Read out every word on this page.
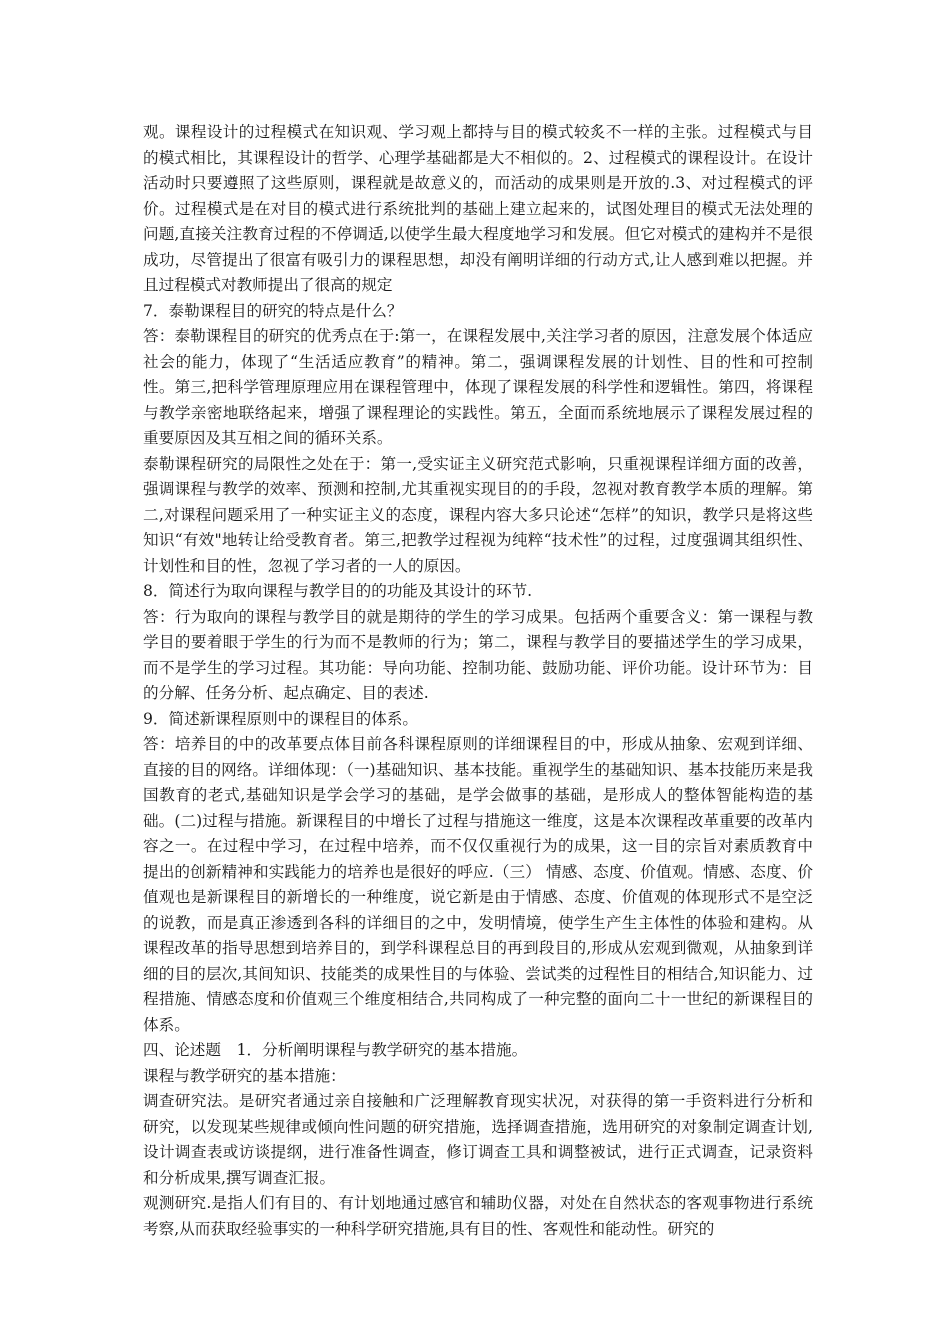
观。课程设计的过程模式在知识观、学习观上都持与目的模式较炙不一样的主张。过程模式与目的模式相比，其课程设计的哲学、心理学基础都是大不相似的。2、过程模式的课程设计。在设计活动时只要遵照了这些原则，课程就是故意义的，而活动的成果则是开放的.3、对过程模式的评价。过程模式是在对目的模式进行系统批判的基础上建立起来的，试图处理目的模式无法处理的问题,直接关注教育过程的不停调适,以使学生最大程度地学习和发展。但它对模式的建构并不是很成功，尽管提出了很富有吸引力的课程思想，却没有阐明详细的行动方式,让人感到难以把握。并且过程模式对教师提出了很高的规定

7．泰勒课程目的研究的特点是什么？

答：泰勒课程目的研究的优秀点在于:第一，在课程发展中,关注学习者的原因，注意发展个体适应社会的能力，体现了“生活适应教育”的精神。第二，强调课程发展的计划性、目的性和可控制性。第三,把科学管理原理应用在课程管理中，体现了课程发展的科学性和逻辑性。第四，将课程与教学亲密地联络起来，增强了课程理论的实践性。第五，全面而系统地展示了课程发展过程的重要原因及其互相之间的循环关系。

泰勒课程研究的局限性之处在于：第一,受实证主义研究范式影响，只重视课程详细方面的改善，强调课程与教学的效率、预测和控制,尤其重视实现目的的手段，忽视对教育教学本质的理解。第二,对课程问题采用了一种实证主义的态度，课程内容大多只论述“怎样”的知识，教学只是将这些知识“有效"地转让给受教育者。第三,把教学过程视为纯粹“技术性”的过程，过度强调其组织性、计划性和目的性，忽视了学习者的一人的原因。

8．简述行为取向课程与教学目的的功能及其设计的环节.

答：行为取向的课程与教学目的就是期待的学生的学习成果。包括两个重要含义：第一课程与教学目的要着眼于学生的行为而不是教师的行为；第二，课程与教学目的要描述学生的学习成果，而不是学生的学习过程。其功能：导向功能、控制功能、鼓励功能、评价功能。设计环节为：目的分解、任务分析、起点确定、目的表述.

9．简述新课程原则中的课程目的体系。

答：培养目的中的改革要点体目前各科课程原则的详细课程目的中，形成从抽象、宏观到详细、直接的目的网络。详细体现：（一)基础知识、基本技能。重视学生的基础知识、基本技能历来是我国教育的老式,基础知识是学会学习的基础，是学会做事的基础，是形成人的整体智能构造的基础。(二)过程与措施。新课程目的中增长了过程与措施这一维度，这是本次课程改革重要的改革内容之一。在过程中学习，在过程中培养，而不仅仅重视行为的成果，这一目的宗旨对素质教育中提出的创新精神和实践能力的培养也是很好的呼应.（三） 情感、态度、价值观。情感、态度、价值观也是新课程目的新增长的一种维度，说它新是由于情感、态度、价值观的体现形式不是空泛的说教，而是真正渗透到各科的详细目的之中，发明情境，使学生产生主体性的体验和建构。从课程改革的指导思想到培养目的，到学科课程总目的再到段目的,形成从宏观到微观，从抽象到详细的目的层次,其间知识、技能类的成果性目的与体验、尝试类的过程性目的相结合,知识能力、过程措施、情感态度和价值观三个维度相结合,共同构成了一种完整的面向二十一世纪的新课程目的体系。

四、论述题　1．分析阐明课程与教学研究的基本措施。

课程与教学研究的基本措施：

调查研究法。是研究者通过亲自接触和广泛理解教育现实状况，对获得的第一手资料进行分析和研究，以发现某些规律或倾向性问题的研究措施，选择调查措施，选用研究的对象制定调查计划,设计调查表或访谈提纲，进行准备性调查，修订调查工具和调整被试，进行正式调查，记录资料和分析成果,撰写调查汇报。

观测研究.是指人们有目的、有计划地通过感官和辅助仪器，对处在自然状态的客观事物进行系统考察,从而获取经验事实的一种科学研究措施,具有目的性、客观性和能动性。研究的
